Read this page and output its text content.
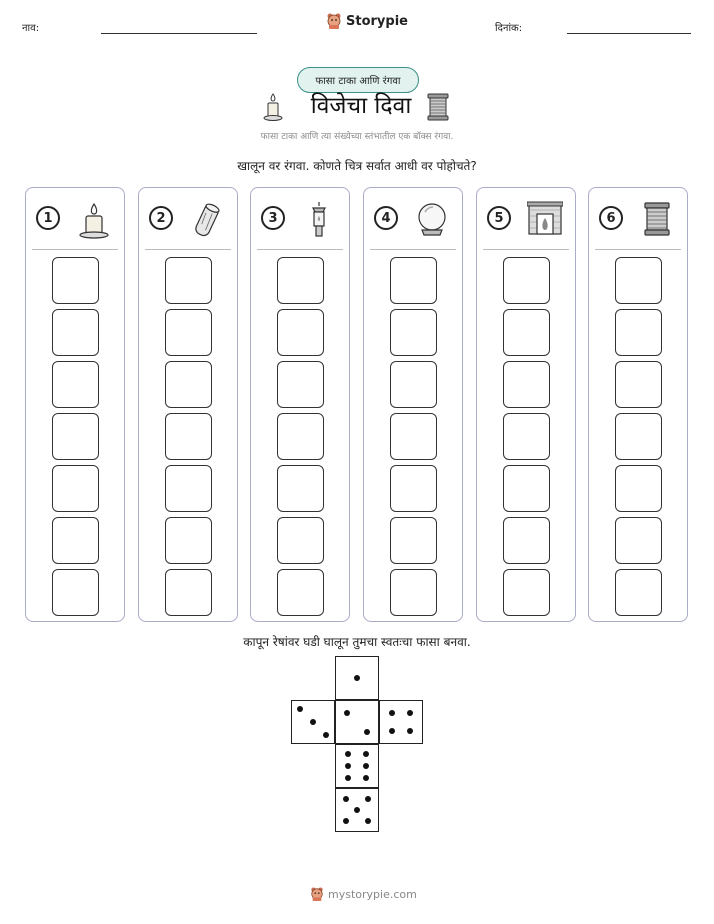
नाव:	Storypie	दिनांक:
फासा टाका आणि रंगवा
विजेचा दिवा
फासा टाका आणि त्या संख्येच्या स्तंभातील एक बॉक्स रंगवा.
खालून वर रंगवा. कोणते चित्र सर्वात आधी वर पोहोचते?
1	2	3	4	5	6
कापून रेषांवर घडी घालून तुमचा स्वतःचा फासा बनवा.
mystorypie.com
